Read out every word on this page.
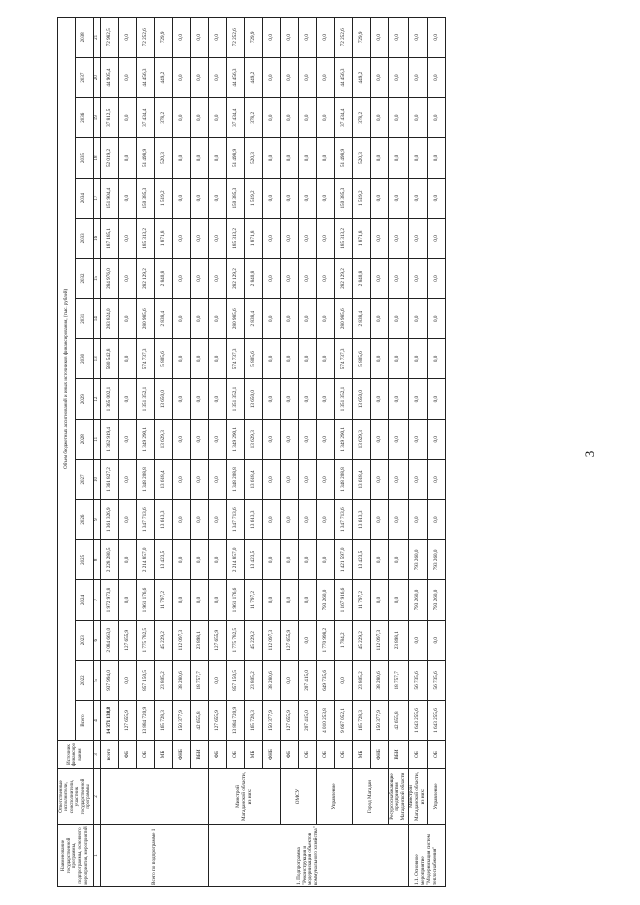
3
Наименование государственной программы, подпрограммы, основного мероприятия, мероприятий	Ответственные исполнители, соисполнители, участник государственной программы	Источник финансирования	Объем бюджетных ассигнований и иных источников финансирования, (тыс. рублей)																	
			Всего	2022	2023	2024	2025	2026	2027	2028	2029	2030	2031	2032	2033	2034	2035	2036	2037	2038
1	2	3	4	5	6	7	8	9	10	11	12	13	14	15	16	17	18	19	20	21
Всего по подпрограмме 1		всего	14 371 138,8	937 994,0	2 084 663,0	1 972 973,8	2 228 280,5	1 361 326,9	1 361 827,2	1 362 919,4	1 365 002,1	580 542,8	283 824,0	284 976,0	187 185,1	151 904,4	52 019,2	37 812,5	44 905,4	72 982,5
		ФБ	127 655,9	0,0	127 655,9	0,0	0,0	0,0	0,0	0,0	0,0	0,0	0,0	0,0	0,0	0,0	0,0	0,0	0,0	0,0
		ОБ	13 884 720,9	857 150,5	1 775 782,5	1 961 176,6	2 214 857,0	1 347 713,6	1 348 208,8	1 349 290,1	1 351 352,1	574 737,3	280 985,6	282 129,2	185 313,2	150 385,3	51 498,9	37 434,4	44 456,3	72 252,6
		МБ	165 728,3	23 805,2	45 229,2	11 797,2	13 423,5	13 613,3	13 618,4	13 629,3	13 650,0	5 805,6	2 838,4	2 840,8	1 871,8	1 519,2	520,3	378,2	449,2	729,9
		ФНБ	150 377,9	38 280,6	112 097,3	0,0	0,0	0,0	0,0	0,0	0,0	0,0	0,0	0,0	0,0	0,0	0,0	0,0	0,0	0,0
		ВБИ	42 655,8	18 757,7	23 898,1	0,0	0,0	0,0	0,0	0,0	0,0	0,0	0,0	0,0	0,0	0,0	0,0	0,0	0,0	0,0
1. Подпрограмма "Реконструкция и модернизация объектов коммунального хозяйства"	Минстрой Магаданской области, из них:	ФБ	127 655,9	0,0	127 655,9	0,0	0,0	0,0	0,0	0,0	0,0	0,0	0,0	0,0	0,0	0,0	0,0	0,0	0,0	0,0
		ОБ	13 884 720,9	857 150,5	1 775 782,5	1 961 176,6	2 214 857,0	1 347 713,6	1 348 208,8	1 349 290,1	1 351 352,1	574 737,3	280 985,6	282 129,2	185 313,2	150 385,3	51 498,9	37 434,4	44 456,3	72 252,6
		МБ	165 728,3	23 805,2	45 229,2	11 797,2	13 423,5	13 613,3	13 618,4	13 629,3	13 650,0	5 805,6	2 838,4	2 840,8	1 871,8	1 519,2	520,3	378,2	449,2	729,9
		ФНБ	150 377,9	38 280,6	112 097,3	0,0	0,0	0,0	0,0	0,0	0,0	0,0	0,0	0,0	0,0	0,0	0,0	0,0	0,0	0,0
	ОМСУ	ФБ	127 655,9	0,0	127 655,9	0,0	0,0	0,0	0,0	0,0	0,0	0,0	0,0	0,0	0,0	0,0	0,0	0,0	0,0	0,0
		ОБ	207 415,0	207 415,0	0,0	0,0	0,0	0,0	0,0	0,0	0,0	0,0	0,0	0,0	0,0	0,0	0,0	0,0	0,0	0,0
	Управление	ОБ	4 010 253,8	649 735,6	1 770 998,2	793 260,0	0,0	0,0	0,0	0,0	0,0	0,0	0,0	0,0	0,0	0,0	0,0	0,0	0,0	0,0
		ОБ	9 667 052,1	0,0	1 784,2	1 167 916,6	1 421 597,0	1 347 713,6	1 348 208,8	1 349 290,1	1 351 352,1	574 737,3	280 985,6	282 129,2	185 313,2	150 385,3	51 498,9	37 434,4	44 456,3	72 252,6
	Город Магадан	МБ	165 728,3	23 805,2	45 229,2	11 797,2	13 423,5	13 613,3	13 618,4	13 629,3	13 650,0	5 805,6	2 838,4	2 840,8	1 871,8	1 519,2	520,3	378,2	449,2	729,9
		ФНБ	150 377,9	38 280,6	112 097,3	0,0	0,0	0,0	0,0	0,0	0,0	0,0	0,0	0,0	0,0	0,0	0,0	0,0	0,0	0,0
	Ресурсоснабжающие предприятия Магаданской области	ВБИ	42 655,8	18 757,7	23 898,1	0,0	0,0	0,0	0,0	0,0	0,0	0,0	0,0	0,0	0,0	0,0	0,0	0,0	0,0	0,0
1.1. Основное мероприятие "Модернизация систем теплоснабжения"	Минстрой Магаданской области, из них:	ОБ	1 643 255,6	56 735,6	0,0	793 260,0	793 260,0	0,0	0,0	0,0	0,0	0,0	0,0	0,0	0,0	0,0	0,0	0,0	0,0	0,0
	Управление	ОБ	1 643 255,6	56 735,6	0,0	793 260,0	793 260,0	0,0	0,0	0,0	0,0	0,0	0,0	0,0	0,0	0,0	0,0	0,0	0,0	0,0
